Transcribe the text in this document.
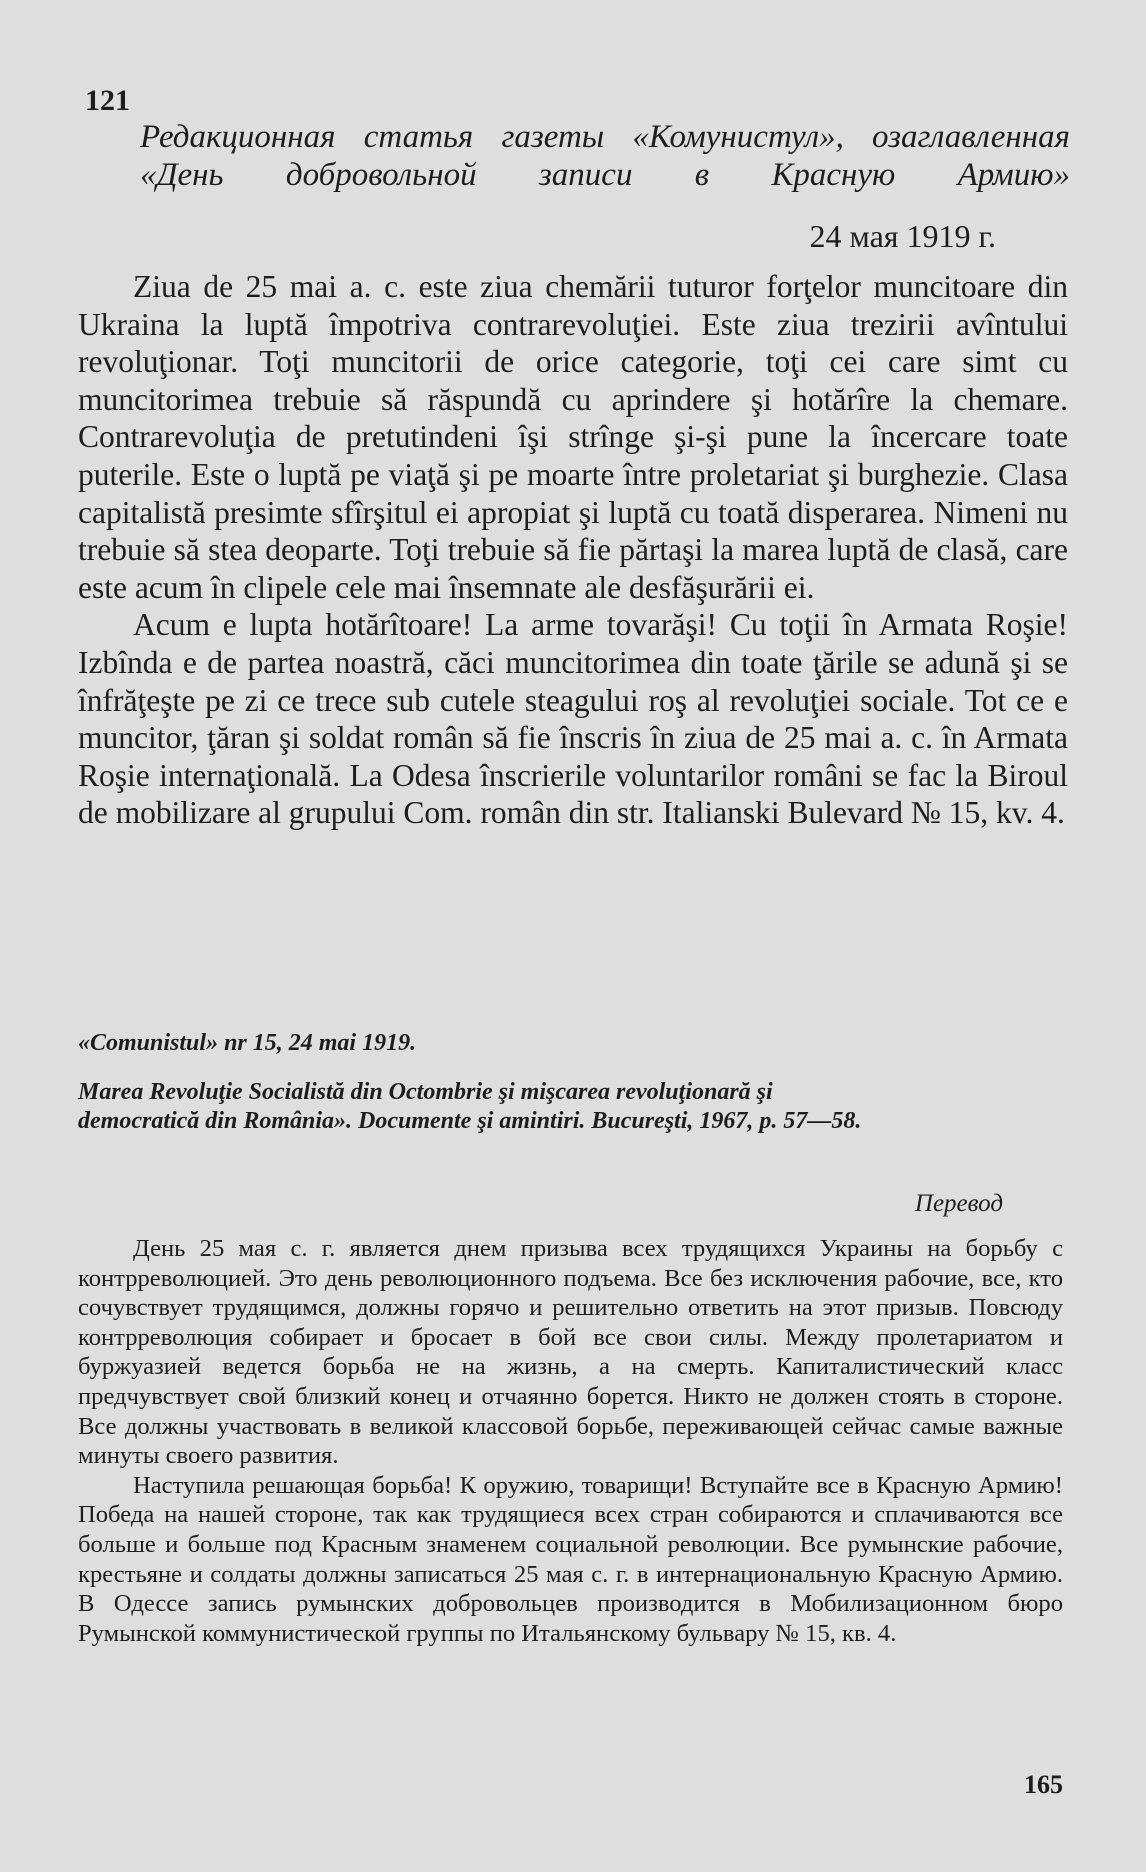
121
Редакционная статья газеты «Комунистул», озаглавленная «День добровольной записи в Красную Армию»
24 мая 1919 г.

Ziua de 25 mai a. c. este ziua chemării tuturor forţelor muncitoare din Ukraina la luptă împotriva contrarevoluţiei. Este ziua trezirii avîntului revoluţionar. Toţi muncitorii de orice categorie, toţi cei care simt cu muncitorimea trebuie să răspundă cu aprindere şi hotărîre la chemare. Contrarevoluţia de pretutindeni îşi strînge şi-şi pune la încercare toate puterile. Este o luptă pe viaţă şi pe moarte între proletariat şi burghezie. Clasa capitalistă presimte sfîrşitul ei apropiat şi luptă cu toată disperarea. Nimeni nu trebuie să stea deoparte. Toţi trebuie să fie părtaşi la marea luptă de clasă, care este acum în clipele cele mai însemnate ale desfăşurării ei.

Acum e lupta hotărîtoare! La arme tovarăşi! Cu toţii în Armata Roşie! Izbînda e de partea noastră, căci muncitorimea din toate ţările se adună şi se înfrăţeşte pe zi ce trece sub cutele steagului roş al revoluţiei sociale. Tot ce e muncitor, ţăran şi soldat român să fie înscris în ziua de 25 mai a. c. în Armata Roşie internaţională. La Odesa înscrierile voluntarilor români se fac la Biroul de mobilizare al grupului Com. român din str. Italianski Bulevard № 15, kv. 4.

«Comunistul» nr 15, 24 mai 1919.
Marea Revoluţie Socialistă din Octombrie şi mişcarea revoluţionară şi democratică din România». Documente şi amintiri. Bucureşti, 1967, p. 57—58.
Перевод

День 25 мая с. г. является днем призыва всех трудящихся Украины на борьбу с контрреволюцией. Это день революционного подъема. Все без исключения рабочие, все, кто сочувствует трудящимся, должны горячо и решительно ответить на этот призыв. Повсюду контрреволюция собирает и бросает в бой все свои силы. Между пролетариатом и буржуазией ведется борьба не на жизнь, а на смерть. Капиталистический класс предчувствует свой близкий конец и отчаянно борется. Никто не должен стоять в стороне. Все должны участвовать в великой классовой борьбе, переживающей сейчас самые важные минуты своего развития.

Наступила решающая борьба! К оружию, товарищи! Вступайте все в Красную Армию! Победа на нашей стороне, так как трудящиеся всех стран собираются и сплачиваются все больше и больше под Красным знаменем социальной революции. Все румынские рабочие, крестьяне и солдаты должны записаться 25 мая с. г. в интернациональную Красную Армию. В Одессе запись румынских добровольцев производится в Мобилизационном бюро Румынской коммунистической группы по Итальянскому бульвару № 15, кв. 4.

165
